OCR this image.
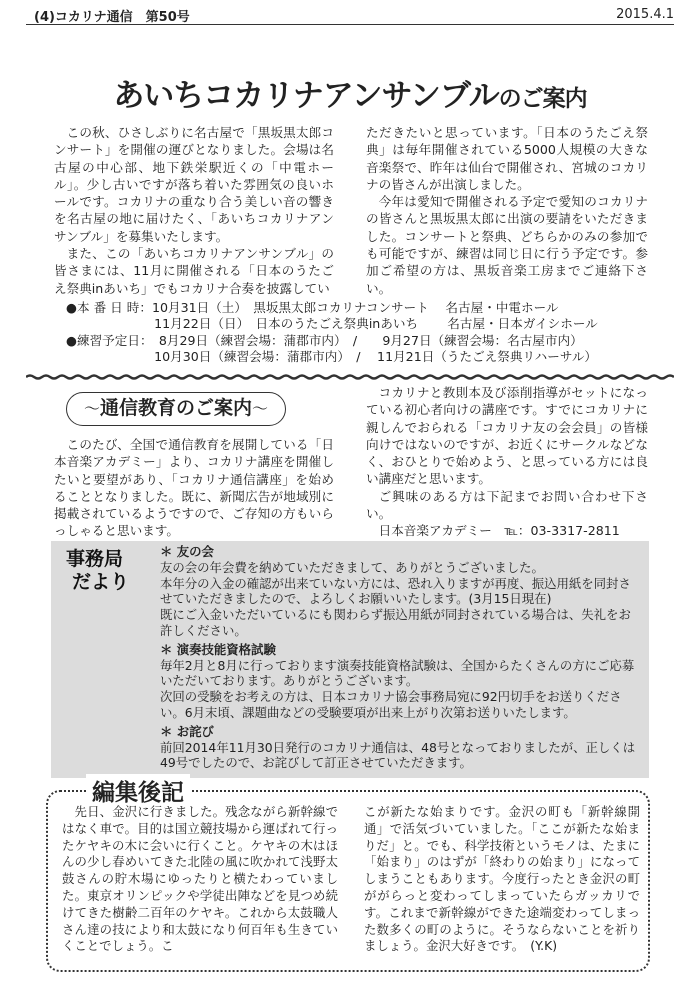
(4)コカリナ通信　第50号	2015.4.1
あいちコカリナアンサンブルのご案内

この秋、ひさしぶりに名古屋で「黒坂黒太郎コンサート」を開催の運びとなりました。会場は名古屋の中心部、地下鉄栄駅近くの「中電ホール」。少し古いですが落ち着いた雰囲気の良いホールです。コカリナの重なり合う美しい音の響きを名古屋の地に届けたく、「あいちコカリナアンサンブル」を募集いたします。

また、この「あいちコカリナアンサンブル」の皆さまには、11月に開催される「日本のうたごえ祭典inあいち」でもコカリナ合奏を披露してい

ただきたいと思っています。「日本のうたごえ祭典」は毎年開催されている5000人規模の大きな音楽祭で、昨年は仙台で開催され、宮城のコカリナの皆さんが出演しました。

今年は愛知で開催される予定で愛知のコカリナの皆さんと黒坂黒太郎に出演の要請をいただきました。コンサートと祭典、どちらかのみの参加でも可能ですが、練習は同じ日に行う予定です。参加ご希望の方は、黒坂音楽工房までご連絡下さい。

●本 番 日 時：10月31日（土）　黒坂黒太郎コカリナコンサート　 名古屋・中電ホール
　　　　　　　11月22日（日）　日本のうたごえ祭典inあいち　　 名古屋・日本ガイシホール
●練習予定日：　8月29日（練習会場：蒲郡市内）　/　　9月27日（練習会場：名古屋市内）
　　　　　　　10月30日（練習会場：蒲郡市内）　/　 11月21日（うたごえ祭典リハーサル）
～通信教育のご案内～

このたび、全国で通信教育を展開している「日本音楽アカデミー」より、コカリナ講座を開催したいと要望があり、「コカリナ通信講座」を始めることとなりました。既に、新聞広告が地域別に掲載されているようですので、ご存知の方もいらっしゃると思います。

コカリナと教則本及び添削指導がセットになっている初心者向けの講座です。すでにコカリナに親しんでおられる「コカリナ友の会会員」の皆様向けではないのですが、お近くにサークルなどなく、おひとりで始めよう、と思っている方には良い講座だと思います。

ご興味のある方は下記までお問い合わせ下さい。

日本音楽アカデミー　℡：03-3317-2811

事務局
だより

＊ 友の会

友の会の年会費を納めていただきまして、ありがとうございました。

本年分の入金の確認が出来ていない方には、恐れ入りますが再度、振込用紙を同封させていただきましたので、よろしくお願いいたします。(3月15日現在)

既にご入金いただいているにも関わらず振込用紙が同封されている場合は、失礼をお許しください。

＊ 演奏技能資格試験

毎年2月と8月に行っております演奏技能資格試験は、全国からたくさんの方にご応募いただいております。ありがとうございます。

次回の受験をお考えの方は、日本コカリナ協会事務局宛に92円切手をお送りください。6月末頃、課題曲などの受験要項が出来上がり次第お送りいたします。

＊ お詫び

前回2014年11月30日発行のコカリナ通信は、48号となっておりましたが、正しくは49号でしたので、お詫びして訂正させていただきます。

編集後記

　先日、金沢に行きました。残念ながら新幹線ではなく車で。目的は国立競技場から運ばれて行ったケヤキの木に会いに行くこと。ケヤキの木はほんの少し春めいてきた北陸の風に吹かれて浅野太鼓さんの貯木場にゆったりと横たわっていました。東京オリンピックや学徒出陣などを見つめ続けてきた樹齢二百年のケヤキ。これから太鼓職人さん達の技により和太鼓になり何百年も生きていくことでしょう。こ

こが新たな始まりです。金沢の町も「新幹線開通」で活気づいていました。「ここが新たな始まりだ」と。でも、科学技術というモノは、たまに「始まり」のはずが「終わりの始まり」になってしまうこともあります。今度行ったとき金沢の町ががらっと変わってしまっていたらガッカリです。これまで新幹線ができた途端変わってしまった数多くの町のように。そうならないことを祈りましょう。金沢大好きです。　(Y.K)
